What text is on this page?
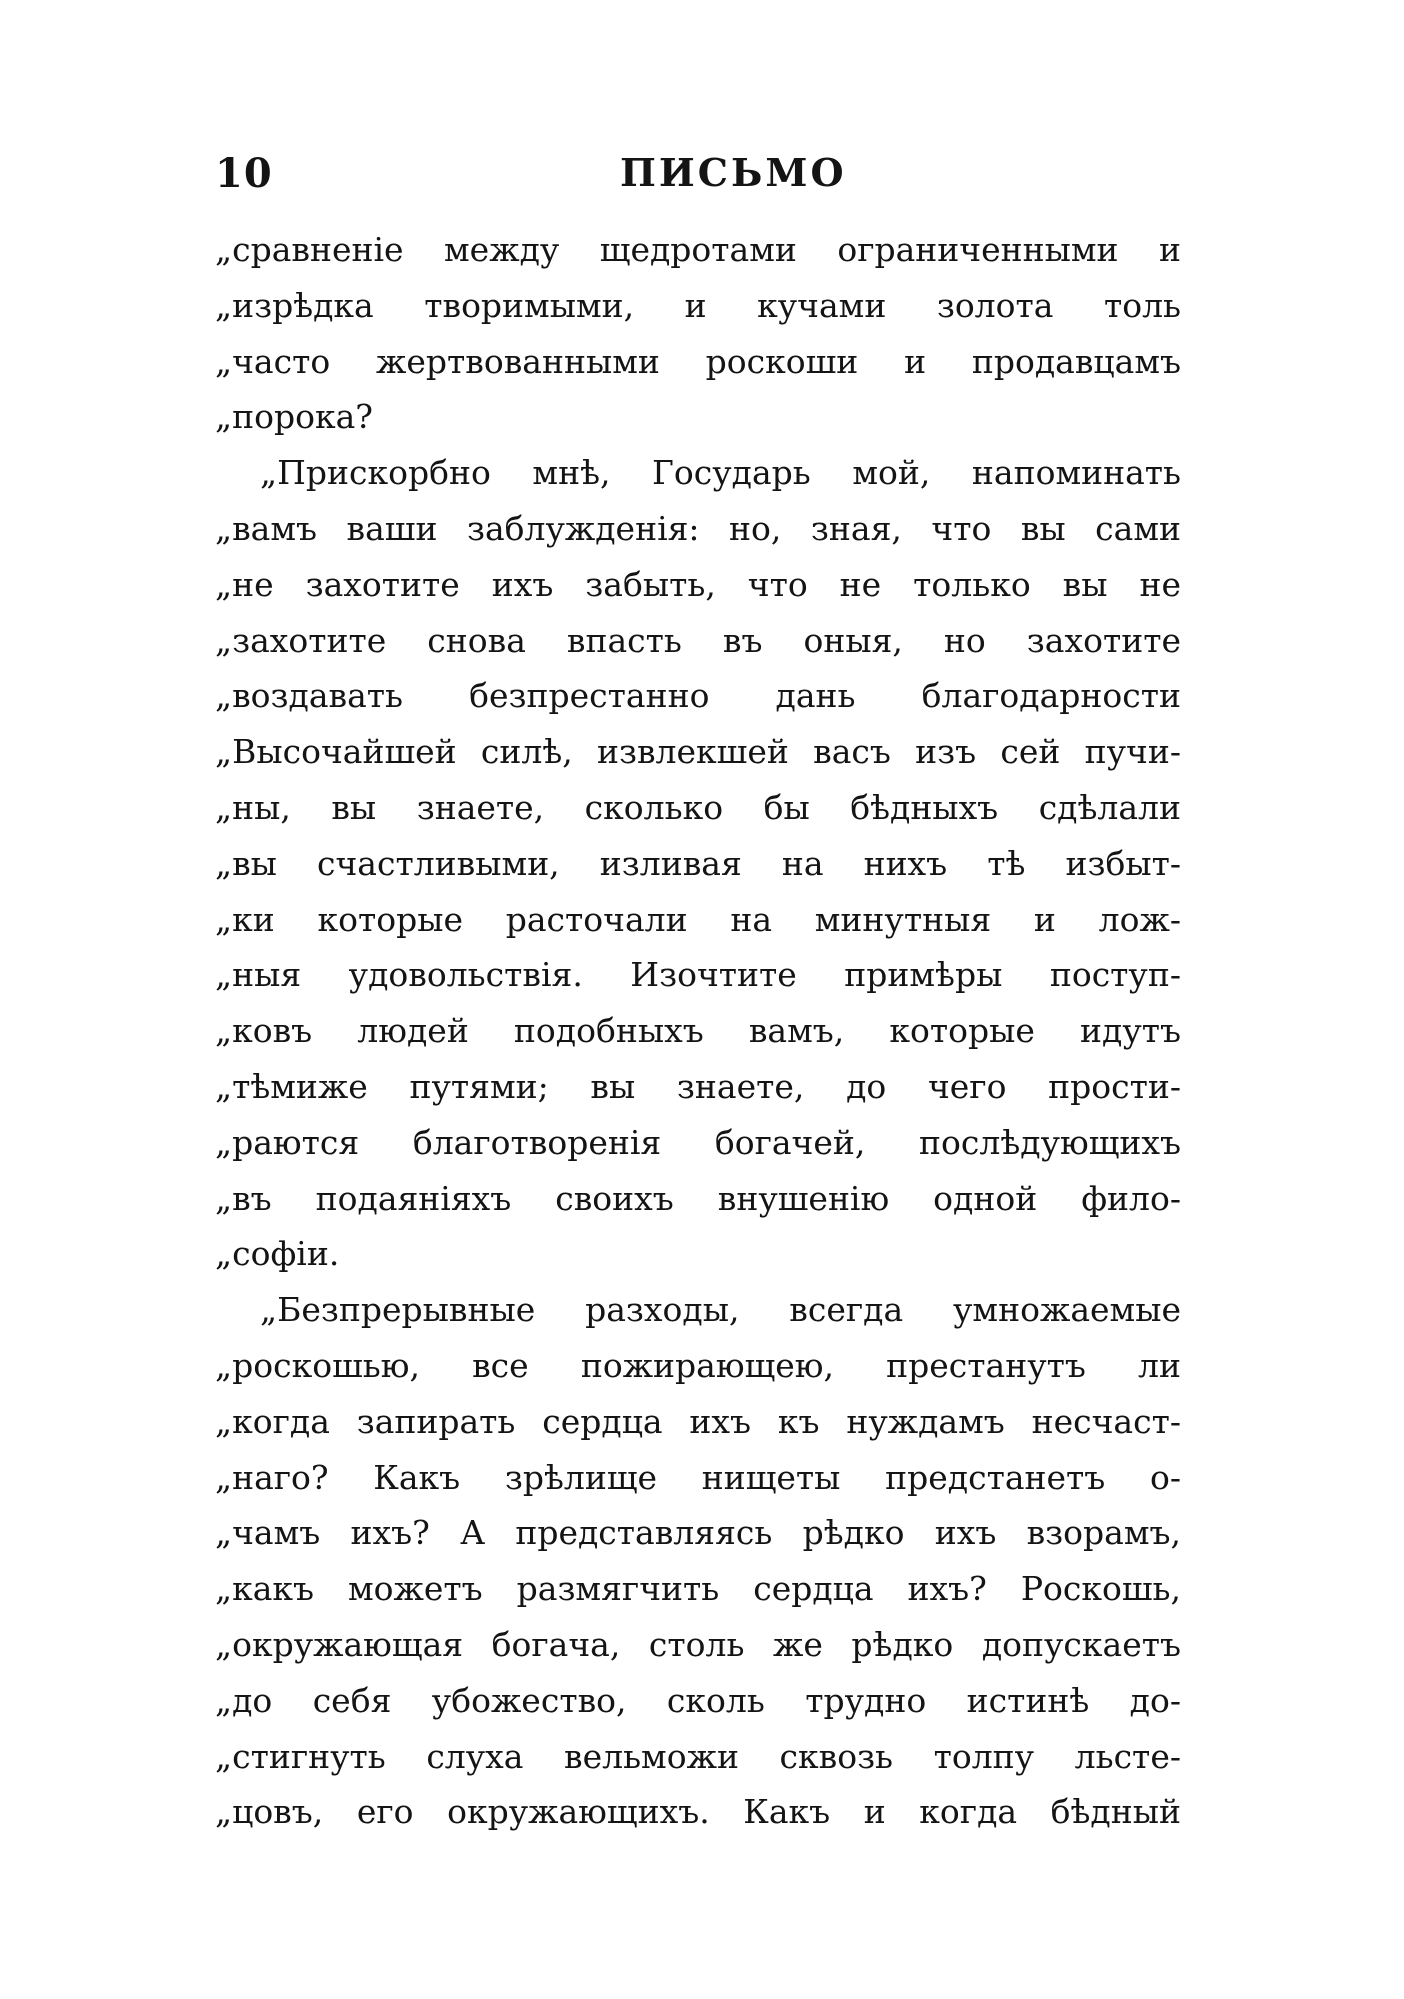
10	ПИСЬМО
„сравненіе между щедротами ограниченными и
„изрѣдка творимыми, и кучами золота толь
„часто жертвованными роскоши и продавцамъ
„порока?
„Прискорбно мнѣ, Государь мой, напоминать
„вамъ ваши заблужденія: но, зная, что вы сами
„не захотите ихъ забыть, что не только вы не
„захотите снова впасть въ оныя, но захотите
„воздавать безпрестанно дань благодарности
„Высочайшей силѣ, извлекшей васъ изъ сей пучи-
„ны, вы знаете, сколько бы бѣдныхъ сдѣлали
„вы счастливыми, изливая на нихъ тѣ избыт-
„ки которые расточали на минутныя и лож-
„ныя удовольствія. Изочтите примѣры поступ-
„ковъ людей подобныхъ вамъ, которые идутъ
„тѣмиже путями; вы знаете, до чего прости-
„раются благотворенія богачей, послѣдующихъ
„въ подаяніяхъ своихъ внушенію одной фило-
„софіи.
„Безпрерывные разходы, всегда умножаемые
„роскошью, все пожирающею, престанутъ ли
„когда запирать сердца ихъ къ нуждамъ несчаст-
„наго? Какъ зрѣлище нищеты предстанетъ о-
„чамъ ихъ? А представляясь рѣдко ихъ взорамъ,
„какъ можетъ размягчить сердца ихъ? Роскошь,
„окружающая богача, столь же рѣдко допускаетъ
„до себя убожество, сколь трудно истинѣ до-
„стигнуть слуха вельможи сквозь толпу льсте-
„цовъ, его окружающихъ. Какъ и когда бѣдный
